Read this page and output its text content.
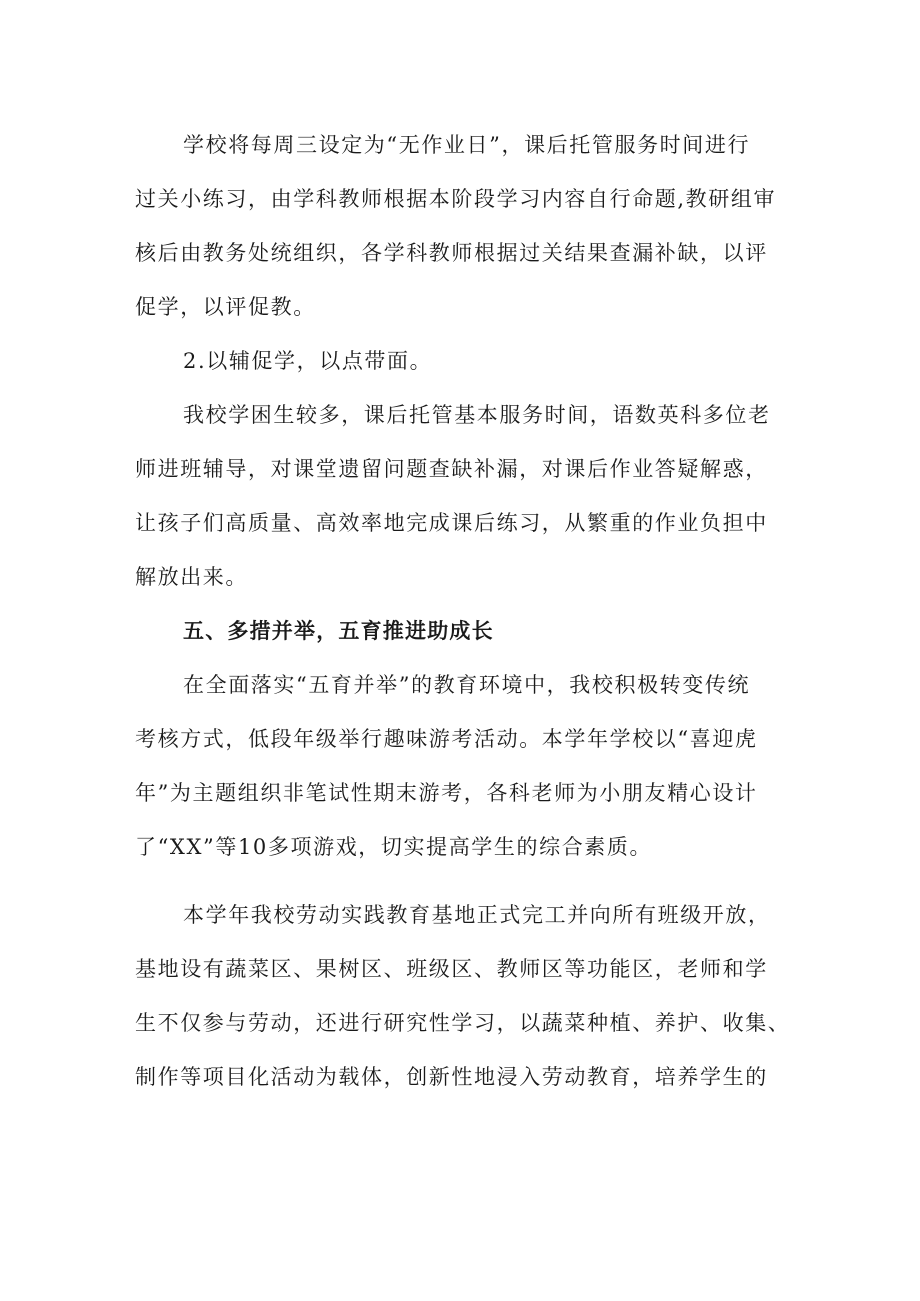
学校将每周三设定为“无作业日”，课后托管服务时间进行
过关小练习，由学科教师根据本阶段学习内容自行命题,教研组审
核后由教务处统组织，各学科教师根据过关结果查漏补缺，以评
促学，以评促教。
2.以辅促学，以点带面。
我校学困生较多，课后托管基本服务时间，语数英科多位老
师进班辅导，对课堂遗留问题查缺补漏，对课后作业答疑解惑，
让孩子们高质量、高效率地完成课后练习，从繁重的作业负担中
解放出来。
五、多措并举，五育推进助成长
在全面落实“五育并举”的教育环境中，我校积极转变传统
考核方式，低段年级举行趣味游考活动。本学年学校以“喜迎虎
年”为主题组织非笔试性期末游考，各科老师为小朋友精心设计
了“XX”等10多项游戏，切实提高学生的综合素质。
本学年我校劳动实践教育基地正式完工并向所有班级开放，
基地设有蔬菜区、果树区、班级区、教师区等功能区，老师和学
生不仅参与劳动，还进行研究性学习，以蔬菜种植、养护、收集、
制作等项目化活动为载体，创新性地浸入劳动教育，培养学生的
